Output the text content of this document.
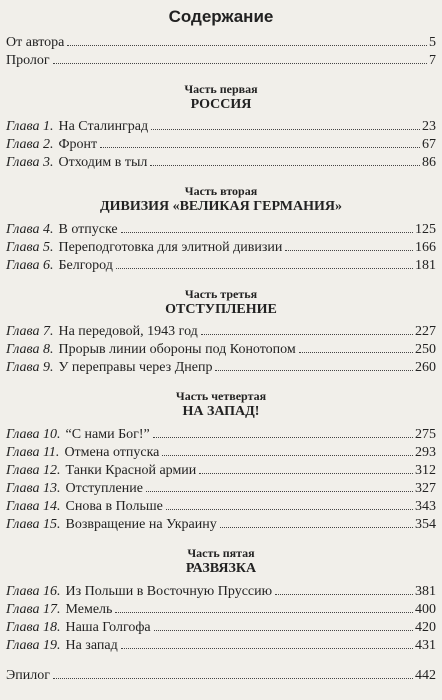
Содержание
От автора	5
Пролог	7
Часть первая
РОССИЯ
Глава 1. На Сталинград	23
Глава 2. Фронт	67
Глава 3. Отходим в тыл	86
Часть вторая
ДИВИЗИЯ «ВЕЛИКАЯ ГЕРМАНИЯ»
Глава 4. В отпуске	125
Глава 5. Переподготовка для элитной дивизии	166
Глава 6. Белгород	181
Часть третья
ОТСТУПЛЕНИЕ
Глава 7. На передовой, 1943 год	227
Глава 8. Прорыв линии обороны под Конотопом	250
Глава 9. У переправы через Днепр	260
Часть четвертая
НА ЗАПАД!
Глава 10. “С нами Бог!”	275
Глава 11. Отмена отпуска	293
Глава 12. Танки Красной армии	312
Глава 13. Отступление	327
Глава 14. Снова в Польше	343
Глава 15. Возвращение на Украину	354
Часть пятая
РАЗВЯЗКА
Глава 16. Из Польши в Восточную Пруссию	381
Глава 17. Мемель	400
Глава 18. Наша Голгофа	420
Глава 19. На запад	431
Эпилог	442
